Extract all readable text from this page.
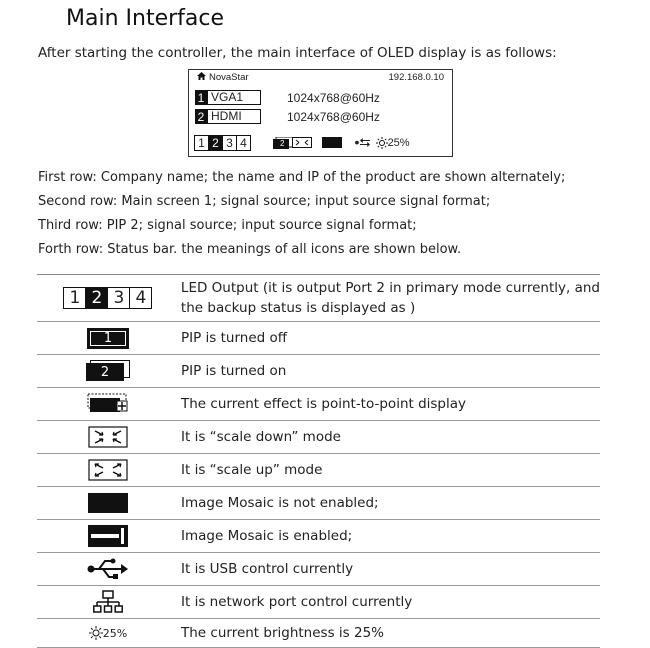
Main Interface
After starting the controller, the main interface of OLED display is as follows:
NovaStar	192.168.0.10
1 VGA1	1024x768@60Hz
2 HDMI	1024x768@60Hz
1 2 3 4	2	•⮀ 25%
First row: Company name; the name and IP of the product are shown alternately;
Second row: Main screen 1; signal source; input source signal format;
Third row: PIP 2; signal source; input source signal format;
Forth row: Status bar. the meanings of all icons are shown below.
1 2 3 4	LED Output (it is output Port 2 in primary mode currently, and
the backup status is displayed as )
1	PIP is turned off
2	PIP is turned on
The current effect is point-to-point display
It is “scale down” mode
It is “scale up” mode
Image Mosaic is not enabled;
Image Mosaic is enabled;
It is USB control currently
It is network port control currently
25%	The current brightness is 25%
